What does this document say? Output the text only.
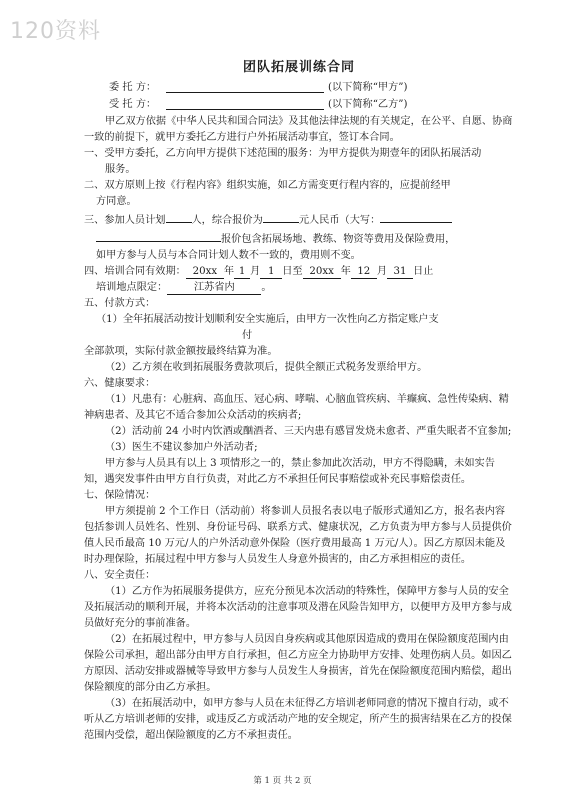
120资料
团队拓展训练合同
委 托 方：	(以下简称“甲方”)
受 托 方：	(以下简称“乙方”)

甲乙双方依据《中华人民共和国合同法》及其他法律法规的有关规定，在公平、自愿、协商一致的前提下，就甲方委托乙方进行户外拓展活动事宜，签订本合同。

一、受甲方委托，乙方向甲方提供下述范围的服务：为甲方提供为期壹年的团队拓展活动
服务。

二、双方原则上按《行程内容》组织实施，如乙方需变更行程内容的，应提前经甲
方同意。

三、参加人员计划	人，综合报价为	元人民币（大写：
报价包含拓展场地、教练、物资等费用及保险费用，
如甲方参与人员与本合同计划人数不一致的，费用则不变。

四、培训合同有效期： 20xx 年 1 月 1 日至 20xx 年 12 月 31 日止
培训地点限定：	江苏省内	。

五、付款方式：

（1）全年拓展活动按计划顺利安全实施后，由甲方一次性向乙方指定账户支
付

全部款项，实际付款金额按最终结算为准。

（2）乙方须在收到拓展服务费款项后，提供全额正式税务发票给甲方。

六、健康要求：

（1）凡患有：心脏病、高血压、冠心病、哮喘、心脑血管疾病、羊癫疯、急性传染病、精神病患者、及其它不适合参加公众活动的疾病者;

（2）活动前 24 小时内饮酒或酗酒者、三天内患有感冒发烧未愈者、严重失眠者不宜参加;

（3）医生不建议参加户外活动者;

甲方参与人员具有以上 3 项情形之一的，禁止参加此次活动，甲方不得隐瞒，未如实告知，遇突发事件由甲方自行负责，对此乙方不承担任何民事赔偿或补充民事赔偿责任。

七、保险情况：

甲方须提前 2 个工作日（活动前）将参训人员报名表以电子版形式通知乙方，报名表内容包括参训人员姓名、性别、身份证号码、联系方式、健康状况，乙方负责为甲方参与人员提供价值人民币最高 10 万元/人的户外活动意外保险（医疗费用最高 1 万元/人）。因乙方原因未能及时办理保险，拓展过程中甲方参与人员发生人身意外损害的，由乙方承担相应的责任。

八、安全责任：

（1）乙方作为拓展服务提供方，应充分预见本次活动的特殊性，保障甲方参与人员的安全及拓展活动的顺利开展，并将本次活动的注意事项及潜在风险告知甲方，以便甲方及甲方参与成员做好充分的事前准备。

（2）在拓展过程中，甲方参与人员因自身疾病或其他原因造成的费用在保险额度范围内由保险公司承担，超出部分由甲方自行承担，但乙方应全力协助甲方安排、处理伤病人员。如因乙方原因、活动安排或器械等导致甲方参与人员发生人身损害，首先在保险额度范围内赔偿，超出保险额度的部分由乙方承担。

（3）在拓展活动中，如甲方参与人员在未征得乙方培训老师同意的情况下擅自行动，或不听从乙方培训老师的安排，或违反乙方或活动产地的安全规定，所产生的损害结果在乙方的投保范围内受偿，超出保险额度的乙方不承担责任。

第 1 页 共 2 页
